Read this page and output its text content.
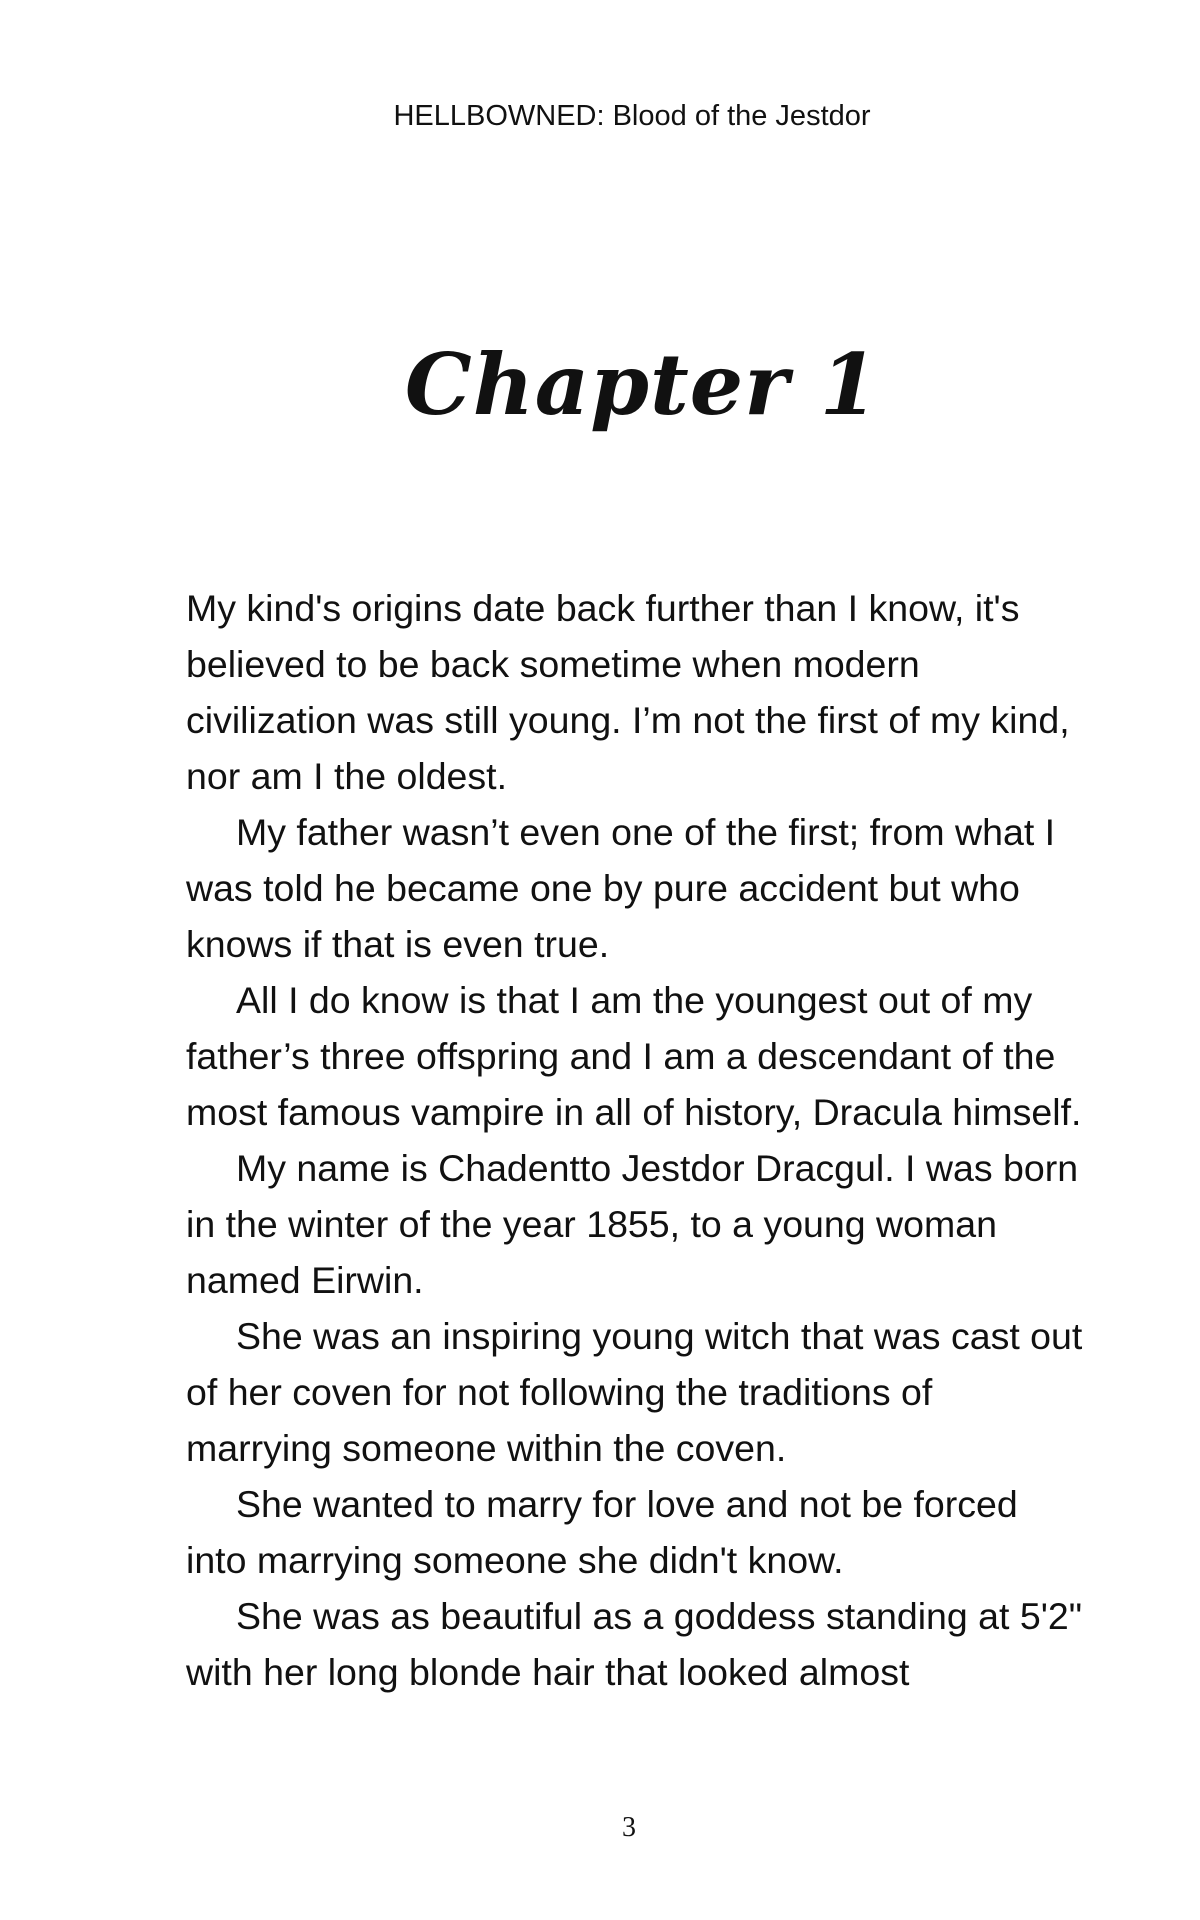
HELLBOWNED: Blood of the Jestdor
Chapter 1

My kind's origins date back further than I know, it's believed to be back sometime when modern civilization was still young. I’m not the first of my kind, nor am I the oldest.

My father wasn’t even one of the first; from what I was told he became one by pure accident but who knows if that is even true.

All I do know is that I am the youngest out of my father’s three offspring and I am a descendant of the most famous vampire in all of history, Dracula himself.

My name is Chadentto Jestdor Dracgul. I was born in the winter of the year 1855, to a young woman named Eirwin.

She was an inspiring young witch that was cast out of her coven for not following the traditions of marrying someone within the coven.

She wanted to marry for love and not be forced into marrying someone she didn't know.

She was as beautiful as a goddess standing at 5'2" with her long blonde hair that looked almost

3
